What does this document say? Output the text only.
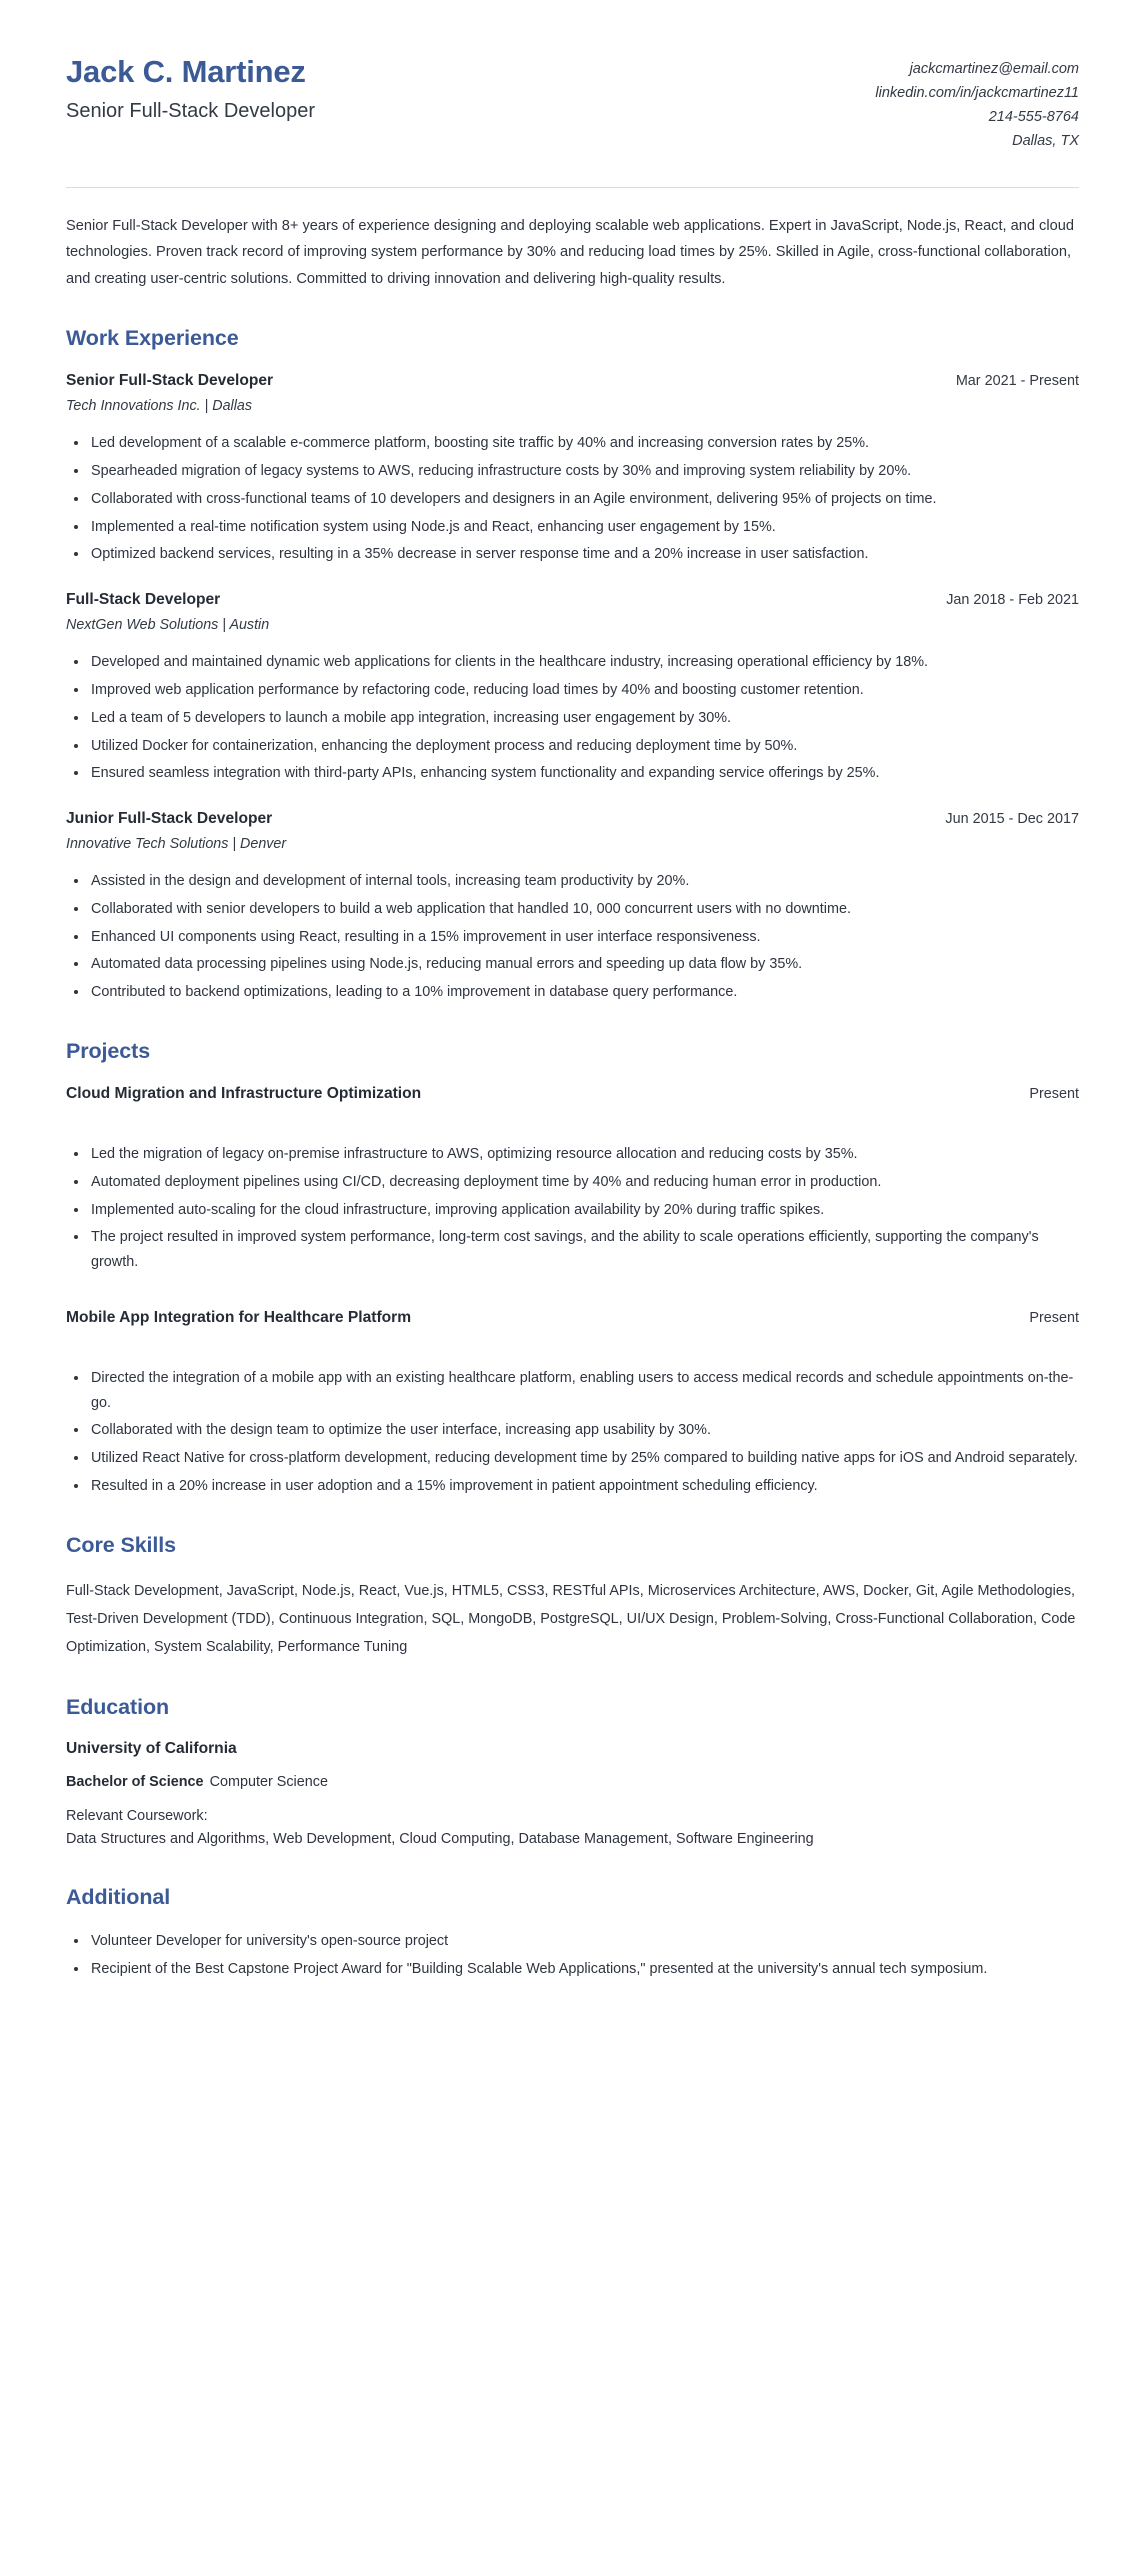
Jack C. Martinez
Senior Full-Stack Developer
jackcmartinez@email.com
linkedin.com/in/jackcmartinez11
214-555-8764
Dallas, TX
Senior Full-Stack Developer with 8+ years of experience designing and deploying scalable web applications. Expert in JavaScript, Node.js, React, and cloud technologies. Proven track record of improving system performance by 30% and reducing load times by 25%. Skilled in Agile, cross-functional collaboration, and creating user-centric solutions. Committed to driving innovation and delivering high-quality results.
Work Experience
Senior Full-Stack Developer	Mar 2021 - Present
Tech Innovations Inc. | Dallas
Led development of a scalable e-commerce platform, boosting site traffic by 40% and increasing conversion rates by 25%.
Spearheaded migration of legacy systems to AWS, reducing infrastructure costs by 30% and improving system reliability by 20%.
Collaborated with cross-functional teams of 10 developers and designers in an Agile environment, delivering 95% of projects on time.
Implemented a real-time notification system using Node.js and React, enhancing user engagement by 15%.
Optimized backend services, resulting in a 35% decrease in server response time and a 20% increase in user satisfaction.
Full-Stack Developer	Jan 2018 - Feb 2021
NextGen Web Solutions | Austin
Developed and maintained dynamic web applications for clients in the healthcare industry, increasing operational efficiency by 18%.
Improved web application performance by refactoring code, reducing load times by 40% and boosting customer retention.
Led a team of 5 developers to launch a mobile app integration, increasing user engagement by 30%.
Utilized Docker for containerization, enhancing the deployment process and reducing deployment time by 50%.
Ensured seamless integration with third-party APIs, enhancing system functionality and expanding service offerings by 25%.
Junior Full-Stack Developer	Jun 2015 - Dec 2017
Innovative Tech Solutions | Denver
Assisted in the design and development of internal tools, increasing team productivity by 20%.
Collaborated with senior developers to build a web application that handled 10, 000 concurrent users with no downtime.
Enhanced UI components using React, resulting in a 15% improvement in user interface responsiveness.
Automated data processing pipelines using Node.js, reducing manual errors and speeding up data flow by 35%.
Contributed to backend optimizations, leading to a 10% improvement in database query performance.
Projects
Cloud Migration and Infrastructure Optimization	Present
Led the migration of legacy on-premise infrastructure to AWS, optimizing resource allocation and reducing costs by 35%.
Automated deployment pipelines using CI/CD, decreasing deployment time by 40% and reducing human error in production.
Implemented auto-scaling for the cloud infrastructure, improving application availability by 20% during traffic spikes.
The project resulted in improved system performance, long-term cost savings, and the ability to scale operations efficiently, supporting the company's growth.
Mobile App Integration for Healthcare Platform	Present
Directed the integration of a mobile app with an existing healthcare platform, enabling users to access medical records and schedule appointments on-the-go.
Collaborated with the design team to optimize the user interface, increasing app usability by 30%.
Utilized React Native for cross-platform development, reducing development time by 25% compared to building native apps for iOS and Android separately.
Resulted in a 20% increase in user adoption and a 15% improvement in patient appointment scheduling efficiency.
Core Skills
Full-Stack Development, JavaScript, Node.js, React, Vue.js, HTML5, CSS3, RESTful APIs, Microservices Architecture, AWS, Docker, Git, Agile Methodologies, Test-Driven Development (TDD), Continuous Integration, SQL, MongoDB, PostgreSQL, UI/UX Design, Problem-Solving, Cross-Functional Collaboration, Code Optimization, System Scalability, Performance Tuning
Education
University of California
Bachelor of Science Computer Science
Relevant Coursework:
Data Structures and Algorithms, Web Development, Cloud Computing, Database Management, Software Engineering
Additional
Volunteer Developer for university's open-source project
Recipient of the Best Capstone Project Award for "Building Scalable Web Applications," presented at the university's annual tech symposium.
